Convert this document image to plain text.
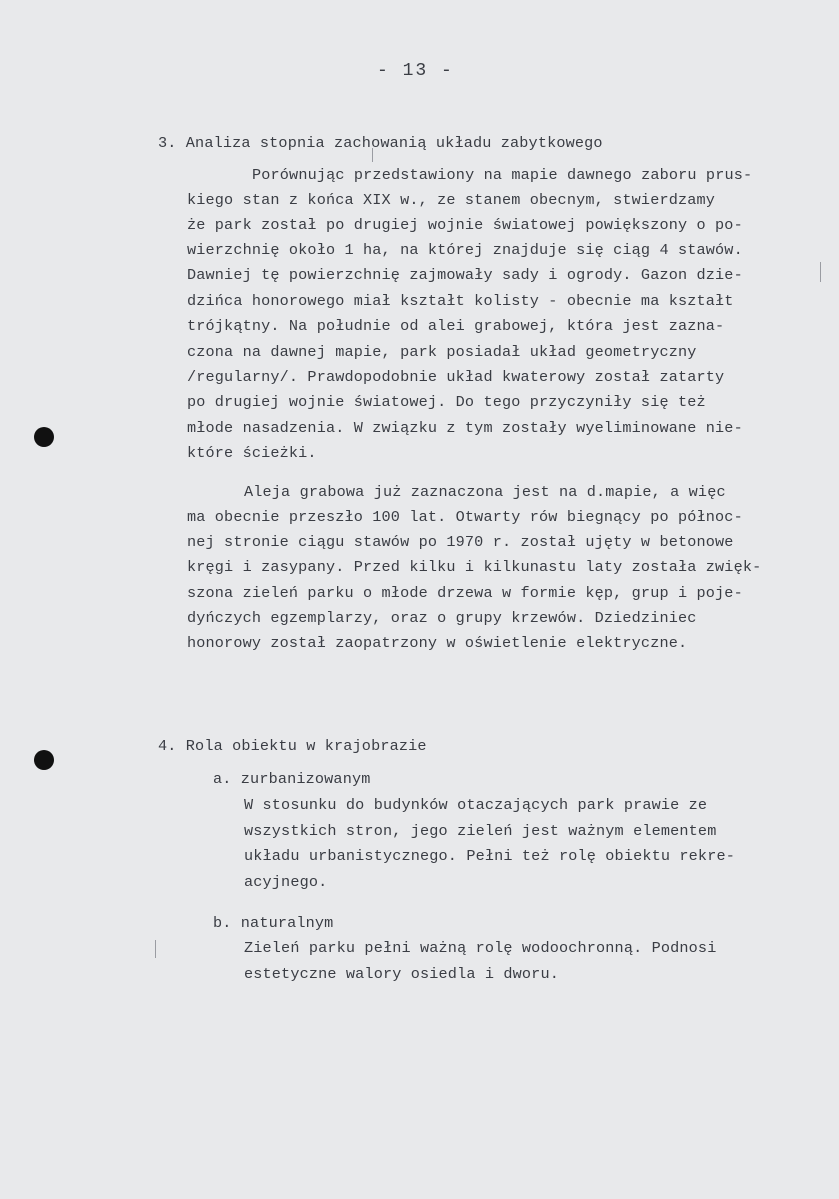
- 13 -
3. Analiza stopnia zachowanią układu zabytkowego
Porównując przedstawiony na mapie dawnego zaboru prus-
kiego stan z końca XIX w., ze stanem obecnym, stwierdzamy
że park został po drugiej wojnie światowej powiększony o po-
wierzchnię około 1 ha, na której znajduje się ciąg 4 stawów.
Dawniej tę powierzchnię zajmowały sady i ogrody. Gazon dzie-
dzińca honorowego miał kształt kolisty - obecnie ma kształt
trójkątny. Na południe od alei grabowej, która jest zazna-
czona na dawnej mapie, park posiadał układ geometryczny
/regularny/. Prawdopodobnie układ kwaterowy został zatarty
po drugiej wojnie światowej. Do tego przyczyniły się też
młode nasadzenia. W związku z tym zostały wyeliminowane nie-
które ścieżki.
Aleja grabowa już zaznaczona jest na d.mapie, a więc
ma obecnie przeszło 100 lat. Otwarty rów biegnący po północ-
nej stronie ciągu stawów po 1970 r. został ujęty w betonowe
kręgi i zasypany. Przed kilku i kilkunastu laty została zwięk-
szona zieleń parku o młode drzewa w formie kęp, grup i poje-
dyńczych egzemplarzy, oraz o grupy krzewów. Dziedziniec
honorowy został zaopatrzony w oświetlenie elektryczne.
4. Rola obiektu w krajobrazie
a. zurbanizowanym
W stosunku do budynków otaczających park prawie ze
wszystkich stron, jego zieleń jest ważnym elementem
układu urbanistycznego. Pełni też rolę obiektu rekre-
acyjnego.
b. naturalnym
Zieleń parku pełni ważną rolę wodoochronną. Podnosi
estetyczne walory osiedla i dworu.
